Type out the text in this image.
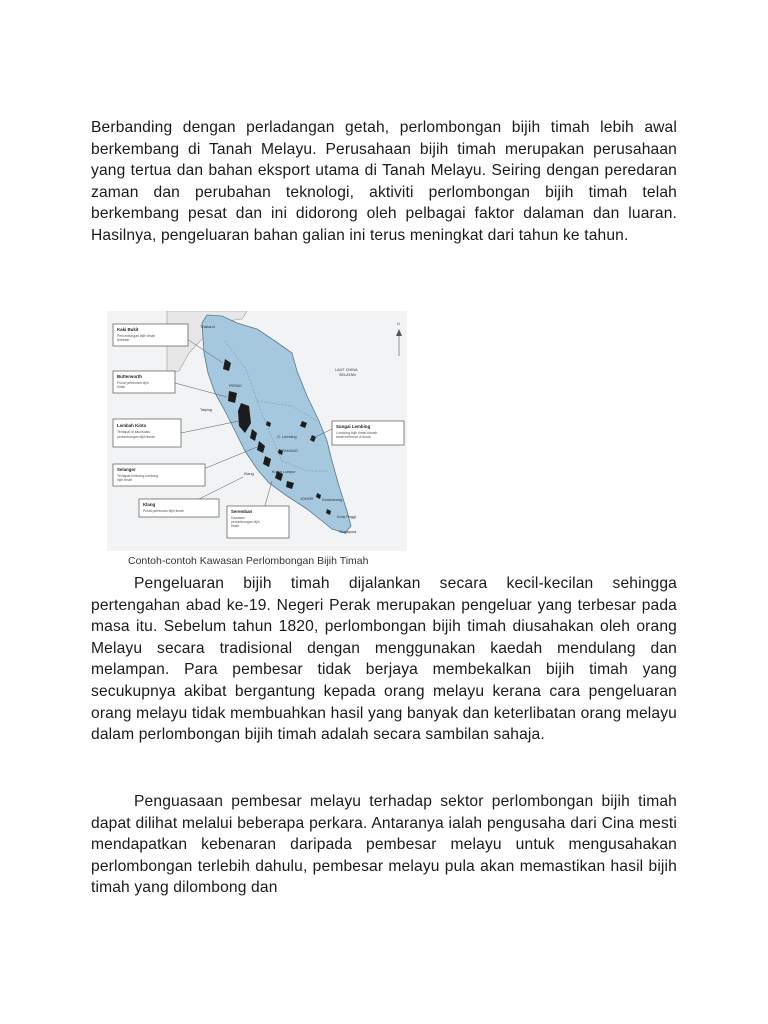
Berbanding dengan perladangan getah, perlombongan bijih timah lebih awal berkembang di Tanah Melayu. Perusahaan bijih timah merupakan perusahaan yang tertua dan bahan eksport utama di Tanah Melayu. Seiring dengan peredaran zaman dan perubahan teknologi, aktiviti perlombongan bijih timah telah berkembang pesat dan ini didorong oleh pelbagai faktor dalaman dan luaran. Hasilnya, pengeluaran bahan galian ini terus meningkat dari tahun ke tahun.

Thailand
PERAK
Taiping
G. Lembing
PAHANG
Kuala Lumpur
Klang
JOHOR Kelabukung
Kota Tinggi
Singapura
LAUT CHINA
SELATAN
U
Kaki Bukit
Perlombongan bijih timah
terbesar
Butterworth
Pusat peleburan bijih
timah
Lembah Kinta
Terdapat di kaunsuatu
perlombongan bijih timah
Selangor
Terdapat lombong-lombong
bijih timah
Sungai Lembing
Lombong bijih timah bawah
tanah terbesar di dunia
Klang
Pusat peleburan bijih timah	Seremban
Kawasan
perlombongan bijih
timah
Contoh-contoh Kawasan Perlombongan Bijih Timah

Pengeluaran bijih timah dijalankan secara kecil-kecilan sehingga pertengahan abad ke-19. Negeri Perak merupakan pengeluar yang terbesar pada masa itu. Sebelum tahun 1820, perlombongan bijih timah diusahakan oleh orang Melayu secara tradisional dengan menggunakan kaedah mendulang dan melampan. Para pembesar tidak berjaya membekalkan bijih timah yang secukupnya akibat bergantung kepada orang melayu kerana cara pengeluaran orang melayu tidak membuahkan hasil yang banyak dan keterlibatan orang melayu dalam perlombongan bijih timah adalah secara sambilan sahaja.

Penguasaan pembesar melayu terhadap sektor perlombongan bijih timah dapat dilihat melalui beberapa perkara. Antaranya ialah pengusaha dari Cina mesti mendapatkan kebenaran daripada pembesar melayu untuk mengusahakan perlombongan terlebih dahulu, pembesar melayu pula akan memastikan hasil bijih timah yang dilombong dan
